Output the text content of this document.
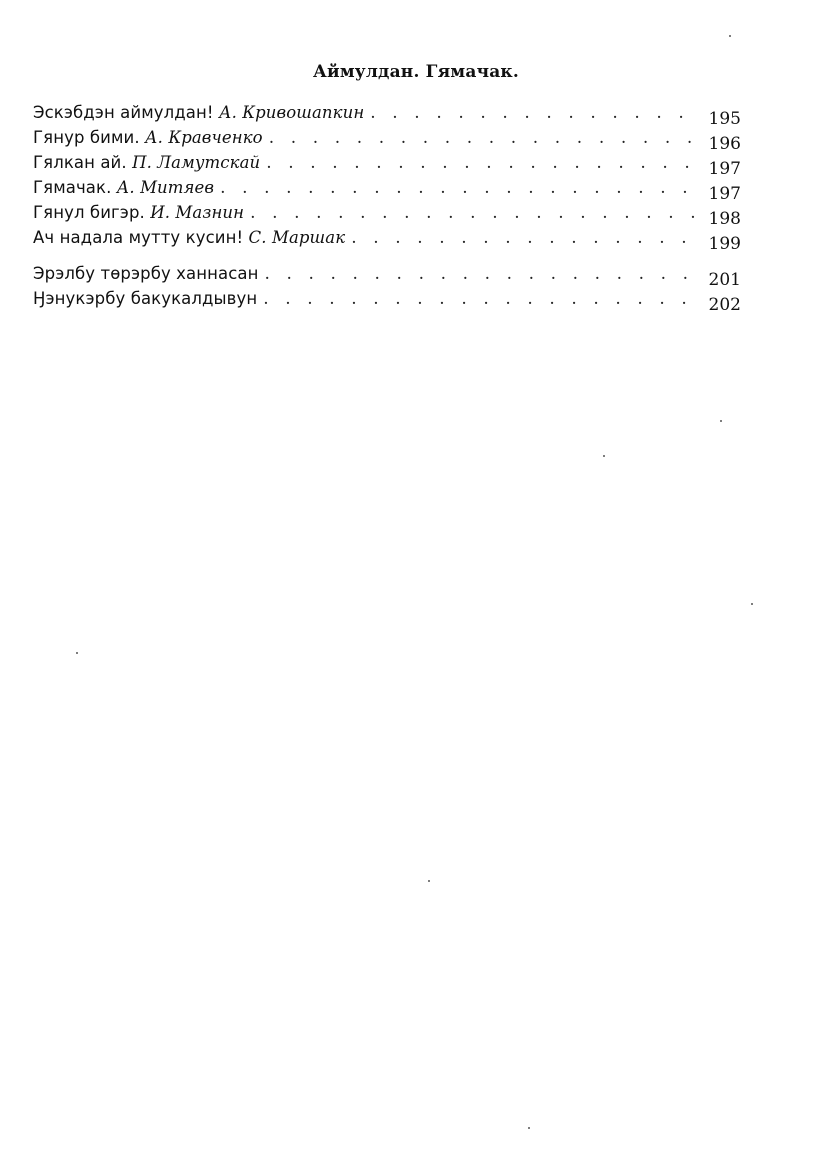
Аймулдан. Гямачак.
Эскэбдэн аймулдан! А. Кривошапкин . . .	195
Гянур бими. А. Кравченко . . .	196
Гялкан ай. П. Ламутскай . . .	197
Гямачак. А. Митяев . . .	197
Гянул бигэр. И. Мазнин . . .	198
Ач надала мутту кусин! С. Маршак . . .	199
Эрэлбу тѳрэрбу ханнасан . . .	201
Ӈэнукэрбу бакукалдывун . . .	202
